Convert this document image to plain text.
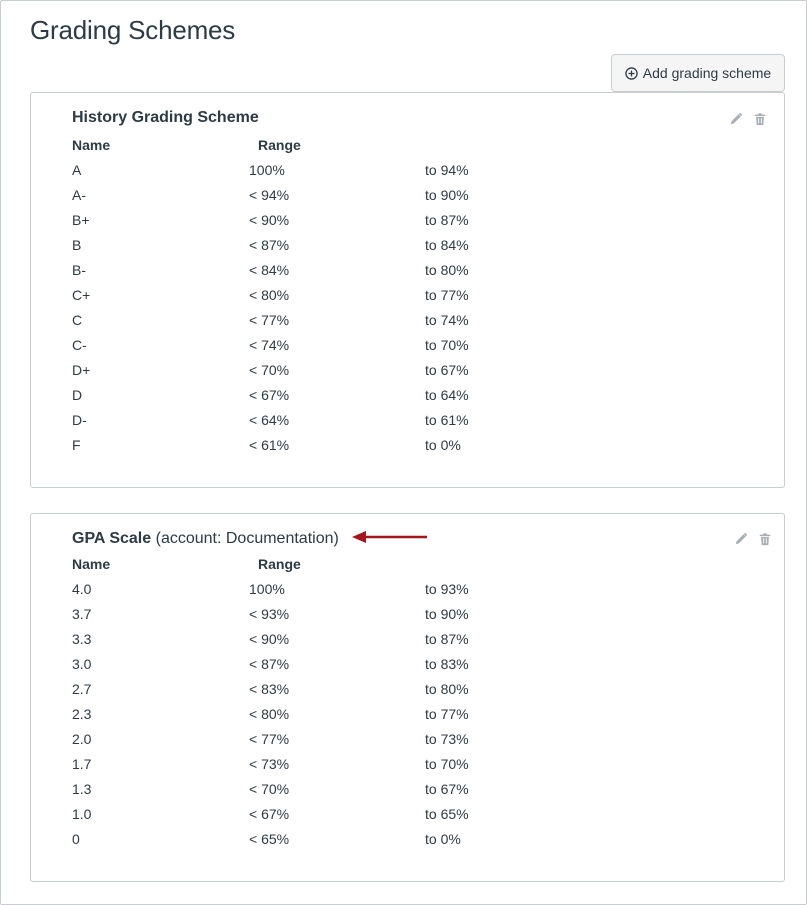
Grading Schemes
Add grading scheme
History Grading Scheme
Name	Range
A	100%	to 94%
A-	< 94%	to 90%
B+	< 90%	to 87%
B	< 87%	to 84%
B-	< 84%	to 80%
C+	< 80%	to 77%
C	< 77%	to 74%
C-	< 74%	to 70%
D+	< 70%	to 67%
D	< 67%	to 64%
D-	< 64%	to 61%
F	< 61%	to 0%
GPA Scale (account: Documentation)
Name	Range
4.0	100%	to 93%
3.7	< 93%	to 90%
3.3	< 90%	to 87%
3.0	< 87%	to 83%
2.7	< 83%	to 80%
2.3	< 80%	to 77%
2.0	< 77%	to 73%
1.7	< 73%	to 70%
1.3	< 70%	to 67%
1.0	< 67%	to 65%
0	< 65%	to 0%
